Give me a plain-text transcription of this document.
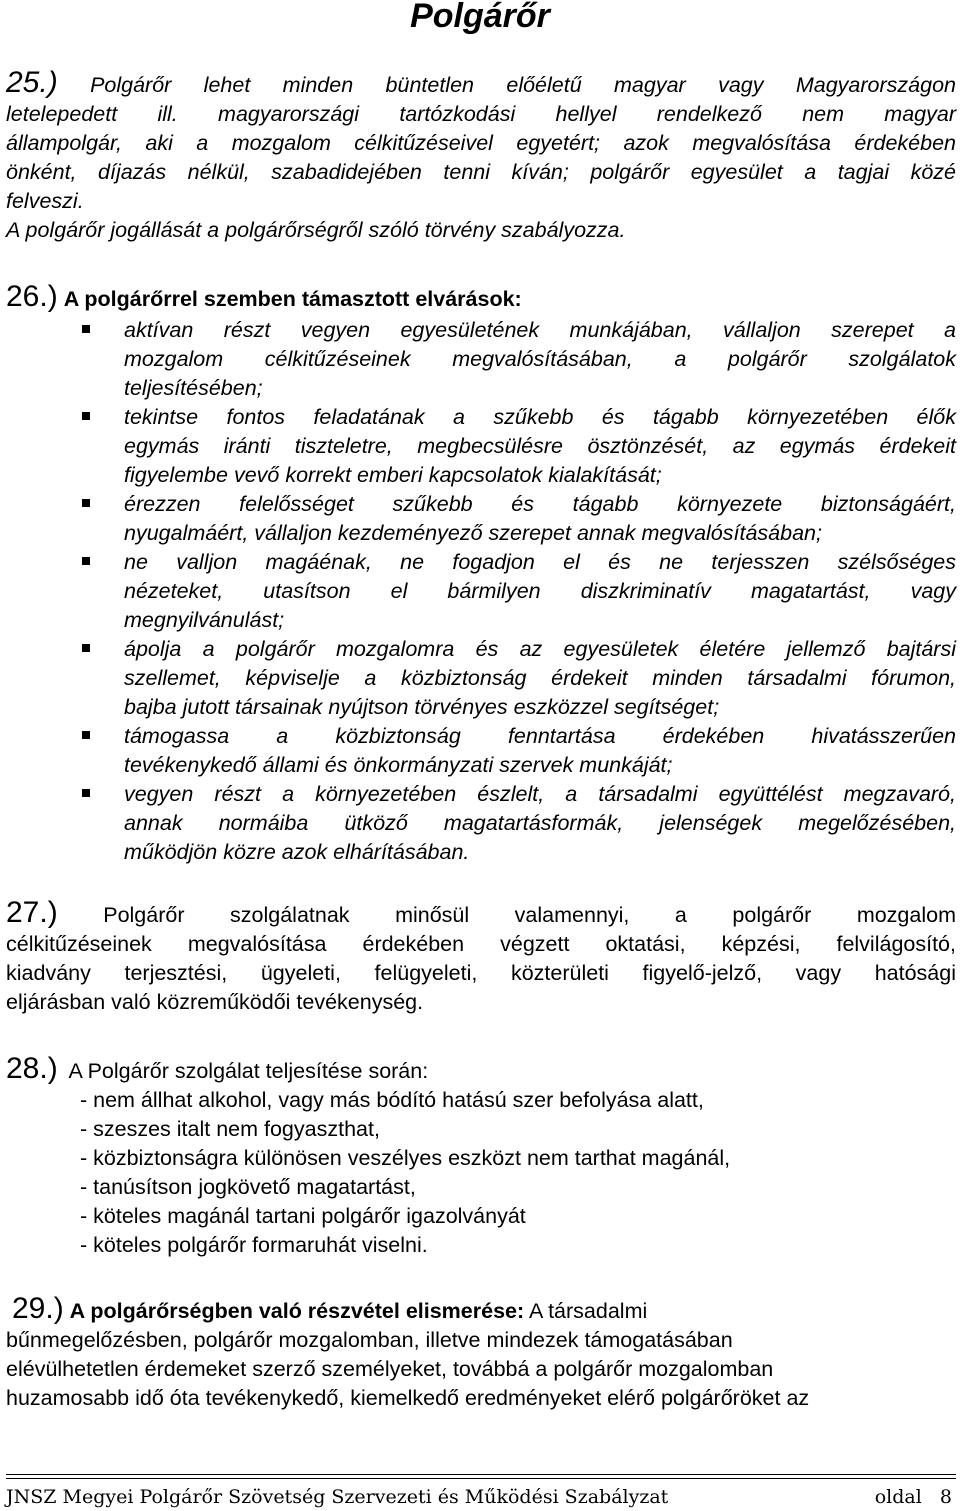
Polgárőr
25.) Polgárőr lehet minden büntetlen előéletű magyar vagy Magyarországon
letelepedett ill. magyarországi tartózkodási hellyel rendelkező nem magyar
állampolgár, aki a mozgalom célkitűzéseivel egyetért; azok megvalósítása érdekében
önként, díjazás nélkül, szabadidejében tenni kíván; polgárőr egyesület a tagjai közé
felveszi.
A polgárőr jogállását a polgárőrségről szóló törvény szabályozza.
26.) A polgárőrrel szemben támasztott elvárások:
aktívan részt vegyen egyesületének munkájában, vállaljon szerepet a
mozgalom célkitűzéseinek megvalósításában, a polgárőr szolgálatok
teljesítésében;
tekintse fontos feladatának a szűkebb és tágabb környezetében élők
egymás iránti tiszteletre, megbecsülésre ösztönzését, az egymás érdekeit
figyelembe vevő korrekt emberi kapcsolatok kialakítását;
érezzen felelősséget szűkebb és tágabb környezete biztonságáért,
nyugalmáért, vállaljon kezdeményező szerepet annak megvalósításában;
ne valljon magáénak, ne fogadjon el és ne terjesszen szélsőséges
nézeteket, utasítson el bármilyen diszkriminatív magatartást, vagy
megnyilvánulást;
ápolja a polgárőr mozgalomra és az egyesületek életére jellemző bajtársi
szellemet, képviselje a közbiztonság érdekeit minden társadalmi fórumon,
bajba jutott társainak nyújtson törvényes eszközzel segítséget;
támogassa a közbiztonság fenntartása érdekében hivatásszerűen
tevékenykedő állami és önkormányzati szervek munkáját;
vegyen részt a környezetében észlelt, a társadalmi együttélést megzavaró,
annak normáiba ütköző magatartásformák, jelenségek megelőzésében,
működjön közre azok elhárításában.
27.) Polgárőr szolgálatnak minősül valamennyi, a polgárőr mozgalom
célkitűzéseinek megvalósítása érdekében végzett oktatási, képzési, felvilágosító,
kiadvány terjesztési, ügyeleti, felügyeleti, közterületi figyelő-jelző, vagy hatósági
eljárásban való közreműködői tevékenység.
28.) A Polgárőr szolgálat teljesítése során:
- nem állhat alkohol, vagy más bódító hatású szer befolyása alatt,
- szeszes italt nem fogyaszthat,
- közbiztonságra különösen veszélyes eszközt nem tarthat magánál,
- tanúsítson jogkövető magatartást,
- köteles magánál tartani polgárőr igazolványát
- köteles polgárőr formaruhát viselni.
29.) A polgárőrségben való részvétel elismerése: A társadalmi
bűnmegelőzésben, polgárőr mozgalomban, illetve mindezek támogatásában
elévülhetetlen érdemeket szerző személyeket, továbbá a polgárőr mozgalomban
huzamosabb idő óta tevékenykedő, kiemelkedő eredményeket elérő polgárőröket az
JNSZ Megyei Polgárőr Szövetség Szervezeti és Működési Szabályzat	oldal   8
